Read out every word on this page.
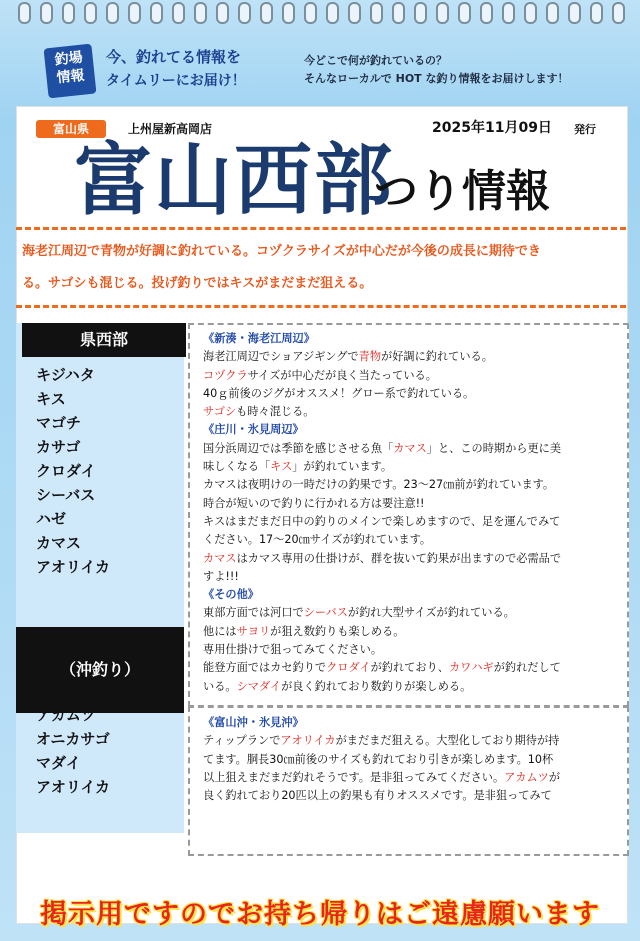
釣場
情報
今、釣れてる情報を
タイムリーにお届け！
今どこで何が釣れているの？
そんなローカルで HOT な釣り情報をお届けします！
富山県	上州屋新高岡店	2025年11月09日 発行
富山西部
つり情報
海老江周辺で青物が好調に釣れている。コヅクラサイズが中心だが今後の成長に期待でき
る。サゴシも混じる。投げ釣りではキスがまだまだ狙える。
県西部
キジハタ
キス
マゴチ
カサゴ
クロダイ
シーバス
ハゼ
カマス
アオリイカ
（沖釣り）
アカムツ
オニカサゴ
マダイ
アオリイカ
《新湊・海老江周辺》
海老江周辺でショアジギングで青物が好調に釣れている。
コヅクラサイズが中心だが良く当たっている。
40ｇ前後のジグがオススメ！グロー系で釣れている。
サゴシも時々混じる。
《庄川・氷見周辺》
国分浜周辺では季節を感じさせる魚「カマス」と、この時期から更に美
味しくなる「キス」が釣れています。
カマスは夜明けの一時だけの釣果です。23～27㎝前が釣れています。
時合が短いので釣りに行かれる方は要注意!!
キスはまだまだ日中の釣りのメインで楽しめますので、足を運んでみて
ください。17～20㎝サイズが釣れています。
カマスはカマス専用の仕掛けが、群を抜いて釣果が出ますので必需品で
すよ!!!
《その他》
東部方面では河口でシーバスが釣れ大型サイズが釣れている。
他にはサヨリが狙え数釣りも楽しめる。
専用仕掛けで狙ってみてください。
能登方面ではカセ釣りでクロダイが釣れており、カワハギが釣れだして
いる。シマダイが良く釣れており数釣りが楽しめる。
《富山沖・氷見沖》
ティップランでアオリイカがまだまだ狙える。大型化しており期待が持
てます。胴長30㎝前後のサイズも釣れており引きが楽しめます。10杯
以上狙えまだまだ釣れそうです。是非狙ってみてください。アカムツが
良く釣れており20匹以上の釣果も有りオススメです。是非狙ってみて
掲示用ですのでお持ち帰りはご遠慮願います
